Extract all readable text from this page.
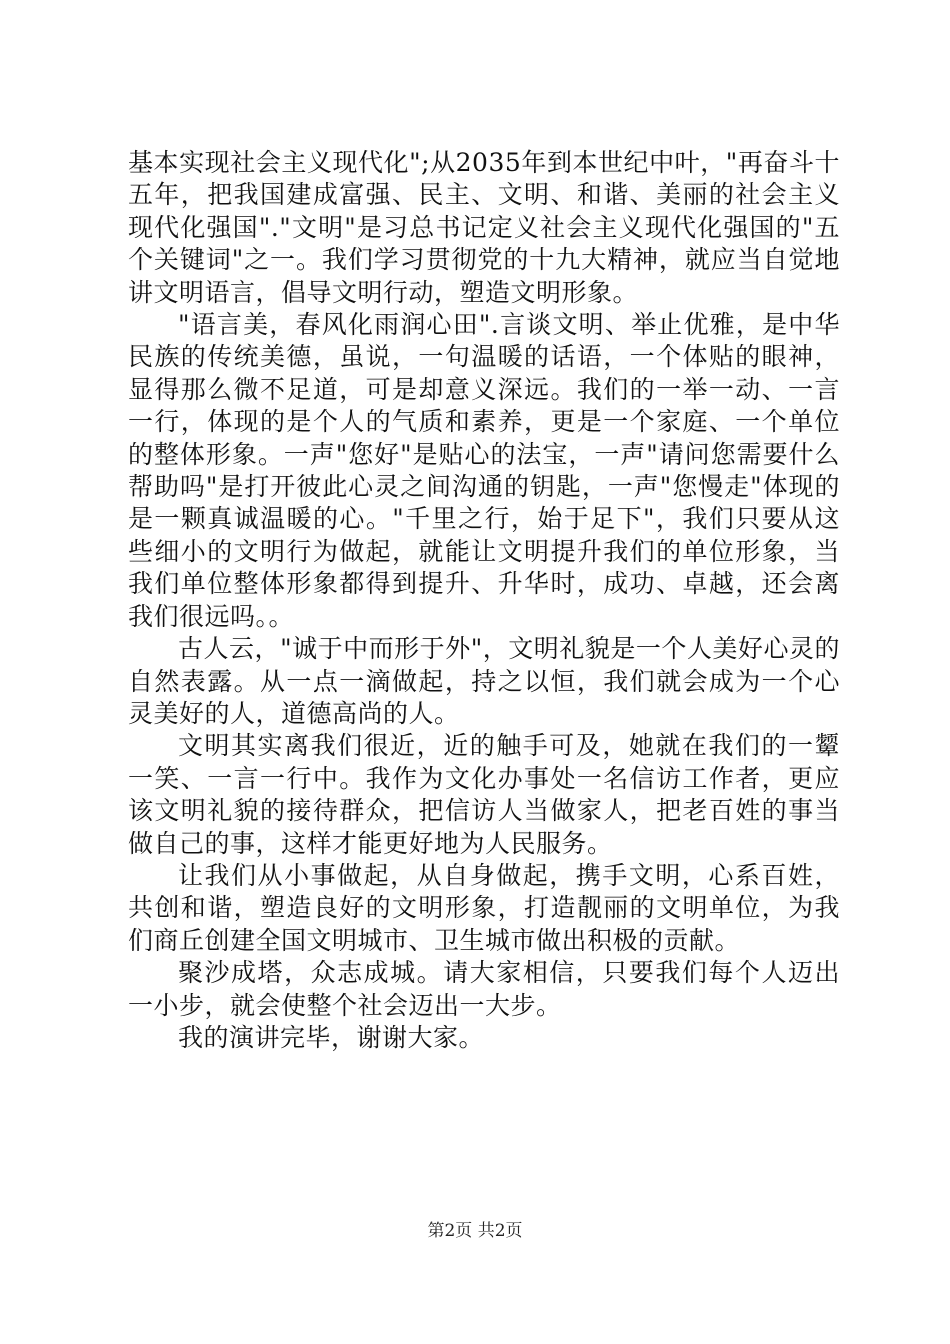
基本实现社会主义现代化";从2035年到本世纪中叶，"再奋斗十五年，把我国建成富强、民主、文明、和谐、美丽的社会主义现代化强国"."文明"是习总书记定义社会主义现代化强国的"五个关键词"之一。我们学习贯彻党的十九大精神，就应当自觉地讲文明语言，倡导文明行动，塑造文明形象。

"语言美，春风化雨润心田".言谈文明、举止优雅，是中华民族的传统美德，虽说，一句温暖的话语，一个体贴的眼神，显得那么微不足道，可是却意义深远。我们的一举一动、一言一行，体现的是个人的气质和素养，更是一个家庭、一个单位的整体形象。一声"您好"是贴心的法宝，一声"请问您需要什么帮助吗"是打开彼此心灵之间沟通的钥匙，一声"您慢走"体现的是一颗真诚温暖的心。"千里之行，始于足下"，我们只要从这些细小的文明行为做起，就能让文明提升我们的单位形象，当我们单位整体形象都得到提升、升华时，成功、卓越，还会离我们很远吗。。

古人云，"诚于中而形于外"，文明礼貌是一个人美好心灵的自然表露。从一点一滴做起，持之以恒，我们就会成为一个心灵美好的人，道德高尚的人。

文明其实离我们很近，近的触手可及，她就在我们的一颦一笑、一言一行中。我作为文化办事处一名信访工作者，更应该文明礼貌的接待群众，把信访人当做家人，把老百姓的事当做自己的事，这样才能更好地为人民服务。

让我们从小事做起，从自身做起，携手文明，心系百姓，共创和谐，塑造良好的文明形象，打造靓丽的文明单位，为我们商丘创建全国文明城市、卫生城市做出积极的贡献。

聚沙成塔，众志成城。请大家相信，只要我们每个人迈出一小步，就会使整个社会迈出一大步。

我的演讲完毕，谢谢大家。

第2页 共2页
